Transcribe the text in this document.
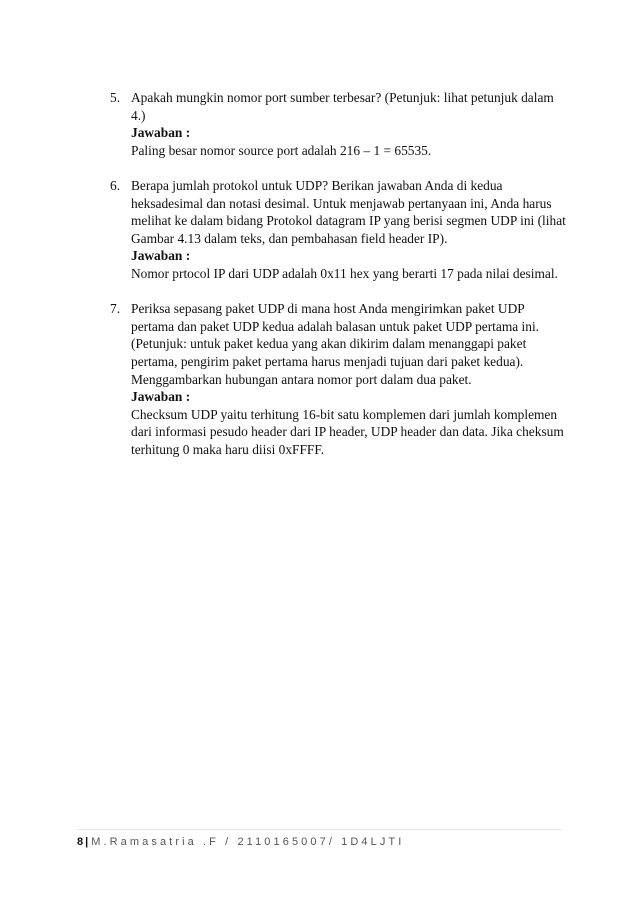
5. Apakah mungkin nomor port sumber terbesar? (Petunjuk: lihat petunjuk dalam 4.)

Jawaban :

Paling besar nomor source port adalah 216 – 1 = 65535.

6. Berapa jumlah protokol untuk UDP? Berikan jawaban Anda di kedua heksadesimal dan notasi desimal. Untuk menjawab pertanyaan ini, Anda harus melihat ke dalam bidang Protokol datagram IP yang berisi segmen UDP ini (lihat Gambar 4.13 dalam teks, dan pembahasan field header IP).

Jawaban :

Nomor prtocol IP dari UDP adalah 0x11 hex yang berarti 17 pada nilai desimal.

7. Periksa sepasang paket UDP di mana host Anda mengirimkan paket UDP pertama dan paket UDP kedua adalah balasan untuk paket UDP pertama ini. (Petunjuk: untuk paket kedua yang akan dikirim dalam menanggapi paket pertama, pengirim paket pertama harus menjadi tujuan dari paket kedua). Menggambarkan hubungan antara nomor port dalam dua paket.

Jawaban :

Checksum UDP yaitu terhitung 16-bit satu komplemen dari jumlah komplemen dari informasi pesudo header dari IP header, UDP header dan data. Jika cheksum terhitung 0 maka haru diisi 0xFFFF.

8 | M.Ramasatria .F / 2110165007/ 1D4LJTI
